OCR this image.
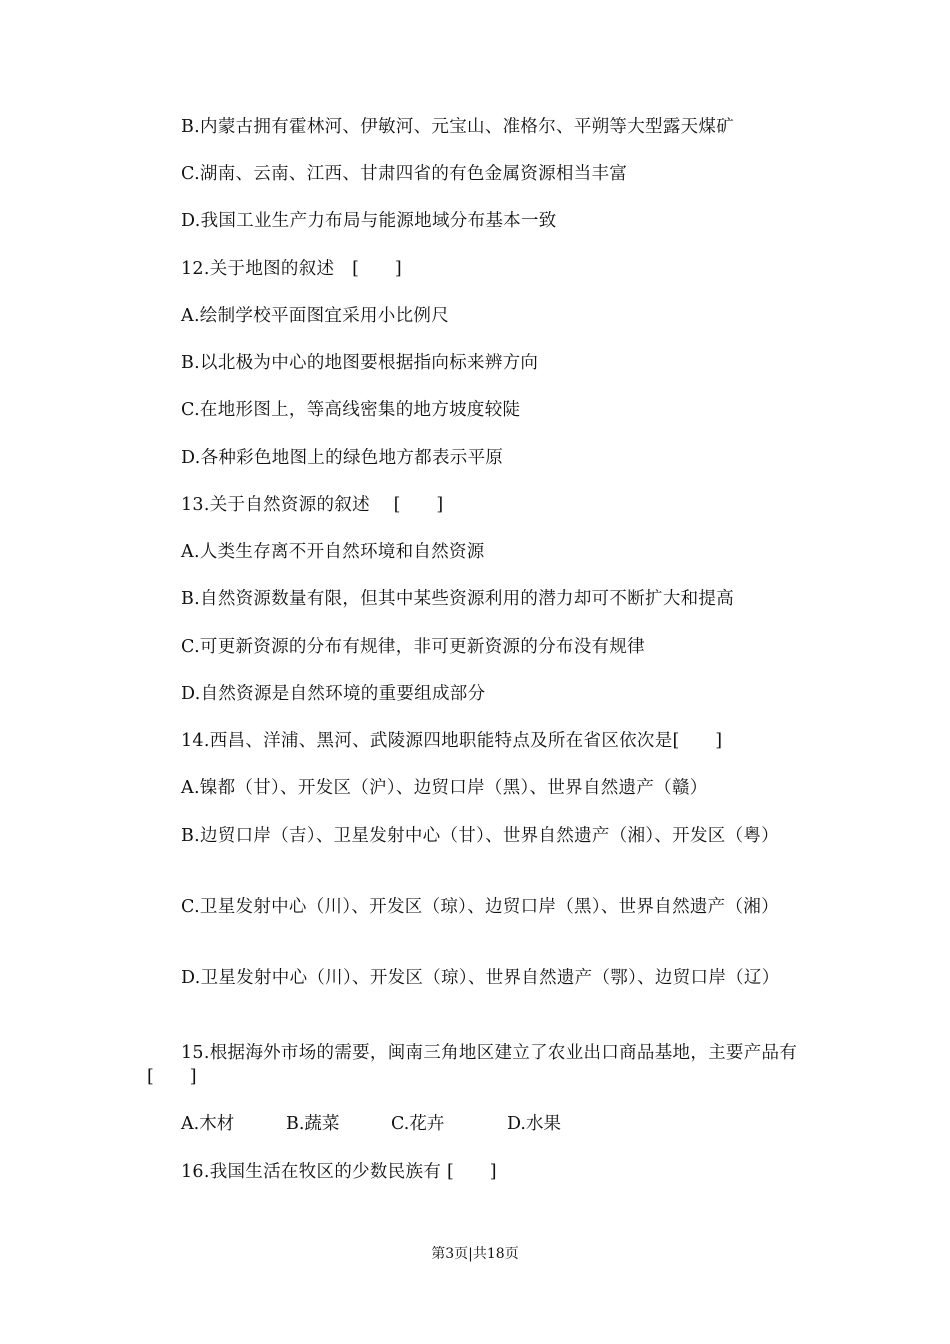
B.内蒙古拥有霍林河、伊敏河、元宝山、准格尔、平朔等大型露天煤矿
C.湖南、云南、江西、甘肃四省的有色金属资源相当丰富
D.我国工业生产力布局与能源地域分布基本一致
12.关于地图的叙述　[　　]
A.绘制学校平面图宜采用小比例尺
B.以北极为中心的地图要根据指向标来辨方向
C.在地形图上，等高线密集的地方坡度较陡
D.各种彩色地图上的绿色地方都表示平原
13.关于自然资源的叙述　 [　　]
A.人类生存离不开自然环境和自然资源
B.自然资源数量有限，但其中某些资源利用的潜力却可不断扩大和提高
C.可更新资源的分布有规律，非可更新资源的分布没有规律
D.自然资源是自然环境的重要组成部分
14.西昌、洋浦、黑河、武陵源四地职能特点及所在省区依次是[　　]
A.镍都（甘）、开发区（沪）、边贸口岸（黑）、世界自然遗产（赣）
B.边贸口岸（吉）、卫星发射中心（甘）、世界自然遗产（湘）、开发区（粤）
C.卫星发射中心（川）、开发区（琼）、边贸口岸（黑）、世界自然遗产（湘）
D.卫星发射中心（川）、开发区（琼）、世界自然遗产（鄂）、边贸口岸（辽）
15.根据海外市场的需要，闽南三角地区建立了农业出口商品基地，主要产品有[　　]
A.木材	B.蔬菜	C.花卉	D.水果
16.我国生活在牧区的少数民族有 [　　]
第3页|共18页
